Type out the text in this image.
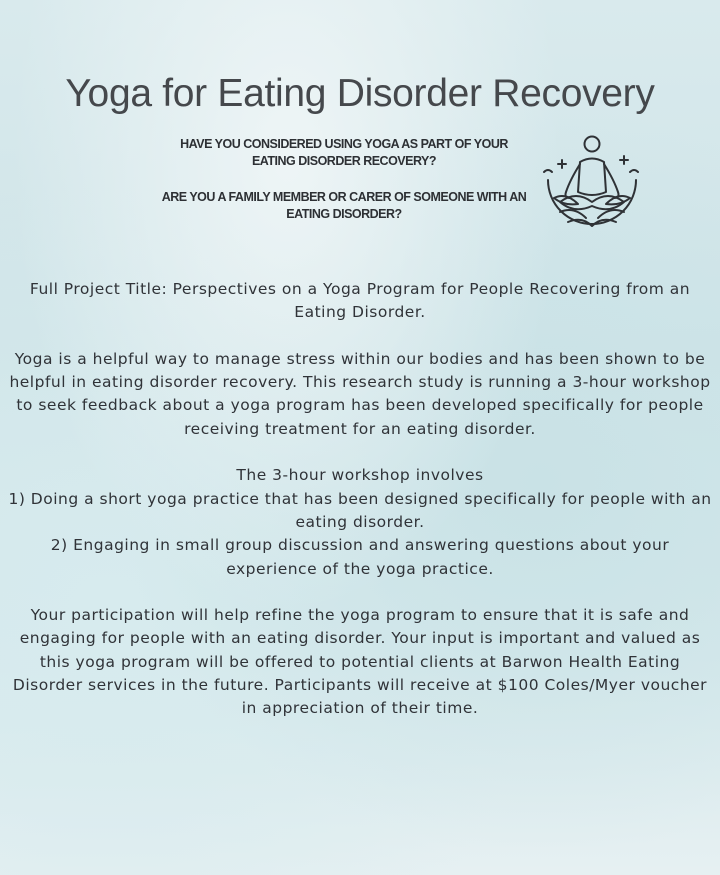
Yoga for Eating Disorder Recovery

HAVE YOU CONSIDERED USING YOGA AS PART OF YOUR EATING DISORDER RECOVERY?

ARE YOU A FAMILY MEMBER OR CARER OF SOMEONE WITH AN EATING DISORDER?

Full Project Title: Perspectives on a Yoga Program for People Recovering from an Eating Disorder.

Yoga is a helpful way to manage stress within our bodies and has been shown to be helpful in eating disorder recovery. This research study is running a 3-hour workshop to seek feedback about a yoga program has been developed specifically for people receiving treatment for an eating disorder.

The 3-hour workshop involves
1) Doing a short yoga practice that has been designed specifically for people with an eating disorder.
2) Engaging in small group discussion and answering questions about your experience of the yoga practice.

Your participation will help refine the yoga program to ensure that it is safe and engaging for people with an eating disorder. Your input is important and valued as this yoga program will be offered to potential clients at Barwon Health Eating Disorder services in the future. Participants will receive at $100 Coles/Myer voucher in appreciation of their time.
